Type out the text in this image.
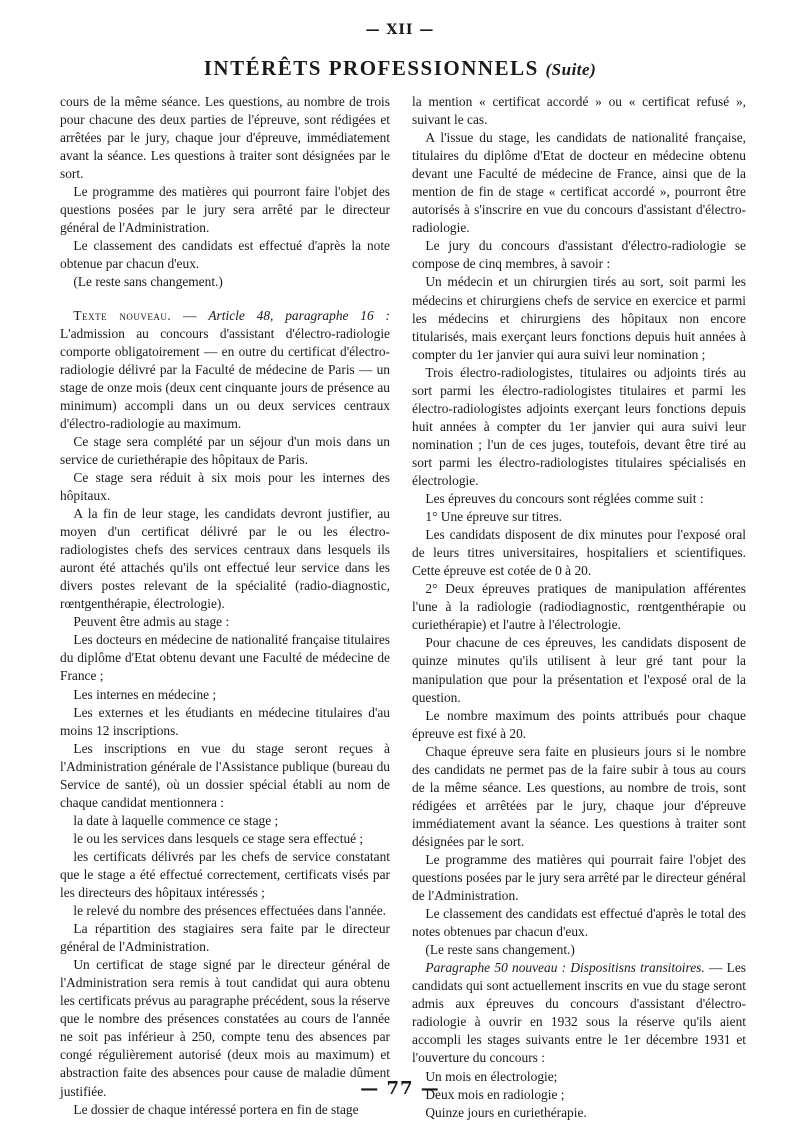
— XII —
INTÉRÊTS PROFESSIONNELS (Suite)

cours de la même séance. Les questions, au nombre de trois pour chacune des deux parties de l'épreuve, sont rédigées et arrêtées par le jury, chaque jour d'épreuve, immédiatement avant la séance. Les questions à traiter sont désignées par le sort.

Le programme des matières qui pourront faire l'objet des questions posées par le jury sera arrêté par le directeur général de l'Administration.

Le classement des candidats est effectué d'après la note obtenue par chacun d'eux.

(Le reste sans changement.)

Texte nouveau. — Article 48, paragraphe 16 : L'admission au concours d'assistant d'électro-radiologie comporte obligatoirement — en outre du certificat d'électro-radiologie délivré par la Faculté de médecine de Paris — un stage de onze mois (deux cent cinquante jours de présence au minimum) accompli dans un ou deux services centraux d'électro-radiologie au maximum.

Ce stage sera complété par un séjour d'un mois dans un service de curiethérapie des hôpitaux de Paris.

Ce stage sera réduit à six mois pour les internes des hôpitaux.

A la fin de leur stage, les candidats devront justifier, au moyen d'un certificat délivré par le ou les électro-radiologistes chefs des services centraux dans lesquels ils auront été attachés qu'ils ont effectué leur service dans les divers postes relevant de la spécialité (radio-diagnostic, rœntgenthérapie, électrologie).

Peuvent être admis au stage :

Les docteurs en médecine de nationalité française titulaires du diplôme d'Etat obtenu devant une Faculté de médecine de France ;

Les internes en médecine ;

Les externes et les étudiants en médecine titulaires d'au moins 12 inscriptions.

Les inscriptions en vue du stage seront reçues à l'Administration générale de l'Assistance publique (bureau du Service de santé), où un dossier spécial établi au nom de chaque candidat mentionnera :

la date à laquelle commence ce stage ;

le ou les services dans lesquels ce stage sera effectué ;

les certificats délivrés par les chefs de service constatant que le stage a été effectué correctement, certificats visés par les directeurs des hôpitaux intéressés ;

le relevé du nombre des présences effectuées dans l'année.

La répartition des stagiaires sera faite par le directeur général de l'Administration.

Un certificat de stage signé par le directeur général de l'Administration sera remis à tout candidat qui aura obtenu les certificats prévus au paragraphe précédent, sous la réserve que le nombre des présences constatées au cours de l'année ne soit pas inférieur à 250, compte tenu des absences par congé régulièrement autorisé (deux mois au maximum) et abstraction faite des absences pour cause de maladie dûment justifiée.

Le dossier de chaque intéressé portera en fin de stage

la mention « certificat accordé » ou « certificat refusé », suivant le cas.

A l'issue du stage, les candidats de nationalité française, titulaires du diplôme d'Etat de docteur en médecine obtenu devant une Faculté de médecine de France, ainsi que de la mention de fin de stage « certificat accordé », pourront être autorisés à s'inscrire en vue du concours d'assistant d'électro-radiologie.

Le jury du concours d'assistant d'électro-radiologie se compose de cinq membres, à savoir :

Un médecin et un chirurgien tirés au sort, soit parmi les médecins et chirurgiens chefs de service en exercice et parmi les médecins et chirurgiens des hôpitaux non encore titularisés, mais exerçant leurs fonctions depuis huit années à compter du 1er janvier qui aura suivi leur nomination ;

Trois électro-radiologistes, titulaires ou adjoints tirés au sort parmi les électro-radiologistes titulaires et parmi les électro-radiologistes adjoints exerçant leurs fonctions depuis huit années à compter du 1er janvier qui aura suivi leur nomination ; l'un de ces juges, toutefois, devant être tiré au sort parmi les électro-radiologistes titulaires spécialisés en électrologie.

Les épreuves du concours sont réglées comme suit :

1° Une épreuve sur titres.

Les candidats disposent de dix minutes pour l'exposé oral de leurs titres universitaires, hospitaliers et scientifiques. Cette épreuve est cotée de 0 à 20.

2° Deux épreuves pratiques de manipulation afférentes l'une à la radiologie (radiodiagnostic, rœntgenthérapie ou curiethérapie) et l'autre à l'électrologie.

Pour chacune de ces épreuves, les candidats disposent de quinze minutes qu'ils utilisent à leur gré tant pour la manipulation que pour la présentation et l'exposé oral de la question.

Le nombre maximum des points attribués pour chaque épreuve est fixé à 20.

Chaque épreuve sera faite en plusieurs jours si le nombre des candidats ne permet pas de la faire subir à tous au cours de la même séance. Les questions, au nombre de trois, sont rédigées et arrêtées par le jury, chaque jour d'épreuve immédiatement avant la séance. Les questions à traiter sont désignées par le sort.

Le programme des matières qui pourrait faire l'objet des questions posées par le jury sera arrêté par le directeur général de l'Administration.

Le classement des candidats est effectué d'après le total des notes obtenues par chacun d'eux.

(Le reste sans changement.)

Paragraphe 50 nouveau : Dispositisns transitoires. — Les candidats qui sont actuellement inscrits en vue du stage seront admis aux épreuves du concours d'assistant d'électro-radiologie à ouvrir en 1932 sous la réserve qu'ils aient accompli les stages suivants entre le 1er décembre 1931 et l'ouverture du concours :

Un mois en électrologie;

Deux mois en radiologie ;

Quinze jours en curiethérapie.

— 77 —
